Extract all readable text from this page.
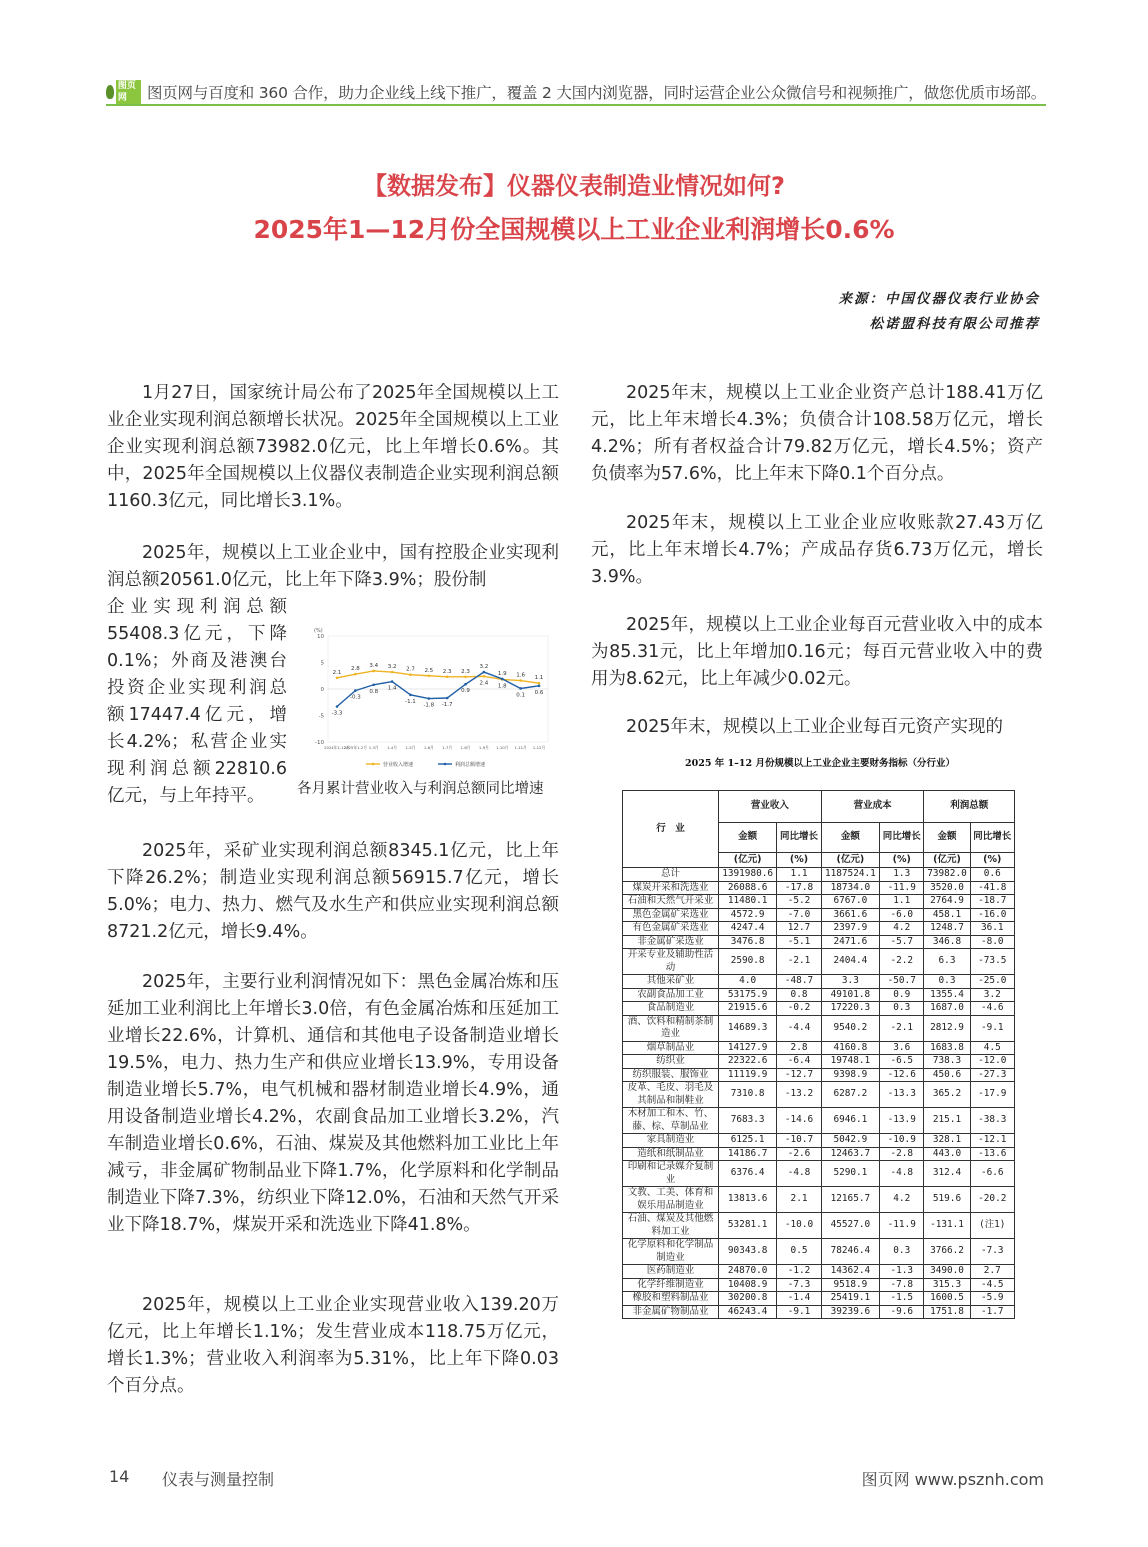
图页网	图页网与百度和 360 合作，助力企业线上线下推广，覆盖 2 大国内浏览器，同时运营企业公众微信号和视频推广，做您优质市场部。
【数据发布】仪器仪表制造业情况如何?
2025年1—12月份全国规模以上工业企业利润增长0.6%
来源：中国仪器仪表行业协会
松诺盟科技有限公司推荐

1月27日，国家统计局公布了2025年全国规模以上工业企业实现利润总额增长状况。2025年全国规模以上工业企业实现利润总额73982.0亿元，比上年增长0.6%。其中，2025年全国规模以上仪器仪表制造企业实现利润总额1160.3亿元，同比增长3.1%。

2025年，规模以上工业企业中，国有控股企业实现利润总额20561.0亿元，比上年下降3.9%；股份制

企业实现利润总额

55408.3亿元，下降

0.1%；外商及港澳台

投资企业实现利润总

额17447.4亿元，增

长4.2%；私营企业实

现利润总额22810.6

亿元，与上年持平。

(%)
10
5
0
-5
-10
2024年1-12月
2025年1-2月 1-3月 1-4月 1-5月 1-6月 1-7月 1-8月 1-9月 1-10月 1-11月 1-12月
2.1
2.8
3.4 3.2 2.7 2.5 2.3 2.3
2.4
1.8
1.6 1.1
营业收入增速
-3.3
-0.3
0.8
1.4
-1.1
-1.8 -1.7
0.9
3.2
1.9
0.1 0.6
利润总额增速
各月累计营业收入与利润总额同比增速

2025年，采矿业实现利润总额8345.1亿元，比上年下降26.2%；制造业实现利润总额56915.7亿元，增长5.0%；电力、热力、燃气及水生产和供应业实现利润总额8721.2亿元，增长9.4%。

2025年，主要行业利润情况如下：黑色金属冶炼和压延加工业利润比上年增长3.0倍，有色金属冶炼和压延加工业增长22.6%，计算机、通信和其他电子设备制造业增长19.5%，电力、热力生产和供应业增长13.9%，专用设备制造业增长5.7%，电气机械和器材制造业增长4.9%，通用设备制造业增长4.2%，农副食品加工业增长3.2%，汽车制造业增长0.6%，石油、煤炭及其他燃料加工业比上年减亏，非金属矿物制品业下降1.7%，化学原料和化学制品制造业下降7.3%，纺织业下降12.0%，石油和天然气开采业下降18.7%，煤炭开采和洗选业下降41.8%。

2025年，规模以上工业企业实现营业收入139.20万亿元，比上年增长1.1%；发生营业成本118.75万亿元，增长1.3%；营业收入利润率为5.31%，比上年下降0.03个百分点。

2025年末，规模以上工业企业资产总计188.41万亿元，比上年末增长4.3%；负债合计108.58万亿元，增长4.2%；所有者权益合计79.82万亿元，增长4.5%；资产负债率为57.6%，比上年末下降0.1个百分点。

2025年末，规模以上工业企业应收账款27.43万亿元，比上年末增长4.7%；产成品存货6.73万亿元，增长3.9%。

2025年，规模以上工业企业每百元营业收入中的成本为85.31元，比上年增加0.16元；每百元营业收入中的费用为8.62元，比上年减少0.02元。

2025年末，规模以上工业企业每百元资产实现的

2025 年 1–12 月份规模以上工业企业主要财务指标（分行业）
行　业	营业收入		营业成本		利润总额	
	金额	同比增长	金额	同比增长	金额	同比增长
	(亿元)	(%)	(亿元)	(%)	(亿元)	(%)
总计	1391980.6	1.1	1187524.1	1.3	73982.0	0.6
煤炭开采和洗选业	26088.6	-17.8	18734.0	-11.9	3520.0	-41.8
石油和天然气开采业	11480.1	-5.2	6767.0	1.1	2764.9	-18.7
黑色金属矿采选业	4572.9	-7.0	3661.6	-6.0	458.1	-16.0
有色金属矿采选业	4247.4	12.7	2397.9	4.2	1248.7	36.1
非金属矿采选业	3476.8	-5.1	2471.6	-5.7	346.8	-8.0
开采专业及辅助性活动	2590.8	-2.1	2404.4	-2.2	6.3	-73.5
其他采矿业	4.0	-48.7	3.3	-50.7	0.3	-25.0
农副食品加工业	53175.9	0.8	49101.8	0.9	1355.4	3.2
食品制造业	21915.6	-0.2	17220.3	0.3	1687.0	-4.6
酒、饮料和精制茶制造业	14689.3	-4.4	9540.2	-2.1	2812.9	-9.1
烟草制品业	14127.9	2.8	4160.8	3.6	1683.8	4.5
纺织业	22322.6	-6.4	19748.1	-6.5	738.3	-12.0
纺织服装、服饰业	11119.9	-12.7	9398.9	-12.6	450.6	-27.3
皮革、毛皮、羽毛及其制品和制鞋业	7310.8	-13.2	6287.2	-13.3	365.2	-17.9
木材加工和木、竹、藤、棕、草制品业	7683.3	-14.6	6946.1	-13.9	215.1	-38.3
家具制造业	6125.1	-10.7	5042.9	-10.9	328.1	-12.1
造纸和纸制品业	14186.7	-2.6	12463.7	-2.8	443.0	-13.6
印刷和记录媒介复制业	6376.4	-4.8	5290.1	-4.8	312.4	-6.6
文教、工美、体育和娱乐用品制造业	13813.6	2.1	12165.7	4.2	519.6	-20.2
石油、煤炭及其他燃料加工业	53281.1	-10.0	45527.0	-11.9	-131.1	(注1)
化学原料和化学制品制造业	90343.8	0.5	78246.4	0.3	3766.2	-7.3
医药制造业	24870.0	-1.2	14362.4	-1.3	3490.0	2.7
化学纤维制造业	10408.9	-7.3	9518.9	-7.8	315.3	-4.5
橡胶和塑料制品业	30200.8	-1.4	25419.1	-1.5	1600.5	-5.9
非金属矿物制品业	46243.4	-9.1	39239.6	-9.6	1751.8	-1.7
14 仪表与测量控制	图页网 www.psznh.com
